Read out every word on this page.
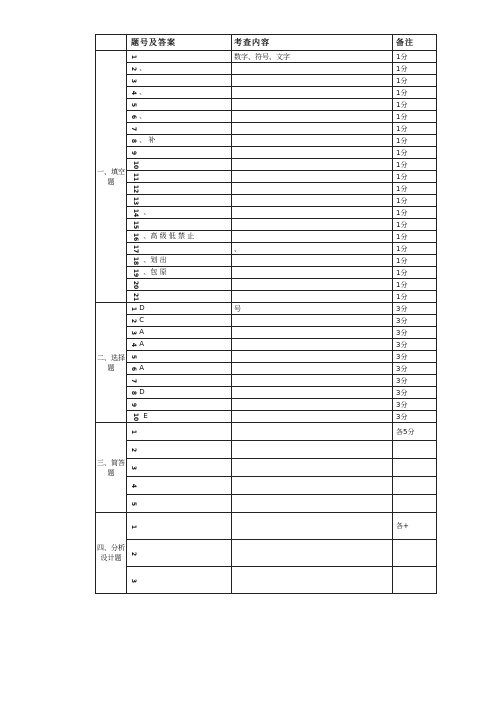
	题号及答案	考查内容	备注
一、填空题	1	数字、符号、文字	1分
	2 、		1分
	3		1分
	4 、		1分
	5		1分
	6 、		1分
	7		1分
	8 、 补		1分
	9		1分
	10		1分
	11		1分
	12		1分
	13		1分
	14 、		1分
	15		1分
	16 、高 级 低 禁 止		1分
	17	、	1分
	18 、划 出		1分
	19 、包 原		1分
	20		1分
	21		1分
二、选择题	1 D	号	3分
	2 C		3分
	3 A		3分
	4 A		3分
	5		3分
	6 A		3分
	7		3分
	8 D		3分
	9		3分
	10 E		3分
三、简答题	1		各5分
	2		
	3		
	4		
	5		
四、分析设计题	1		各+
	2		
	3		
